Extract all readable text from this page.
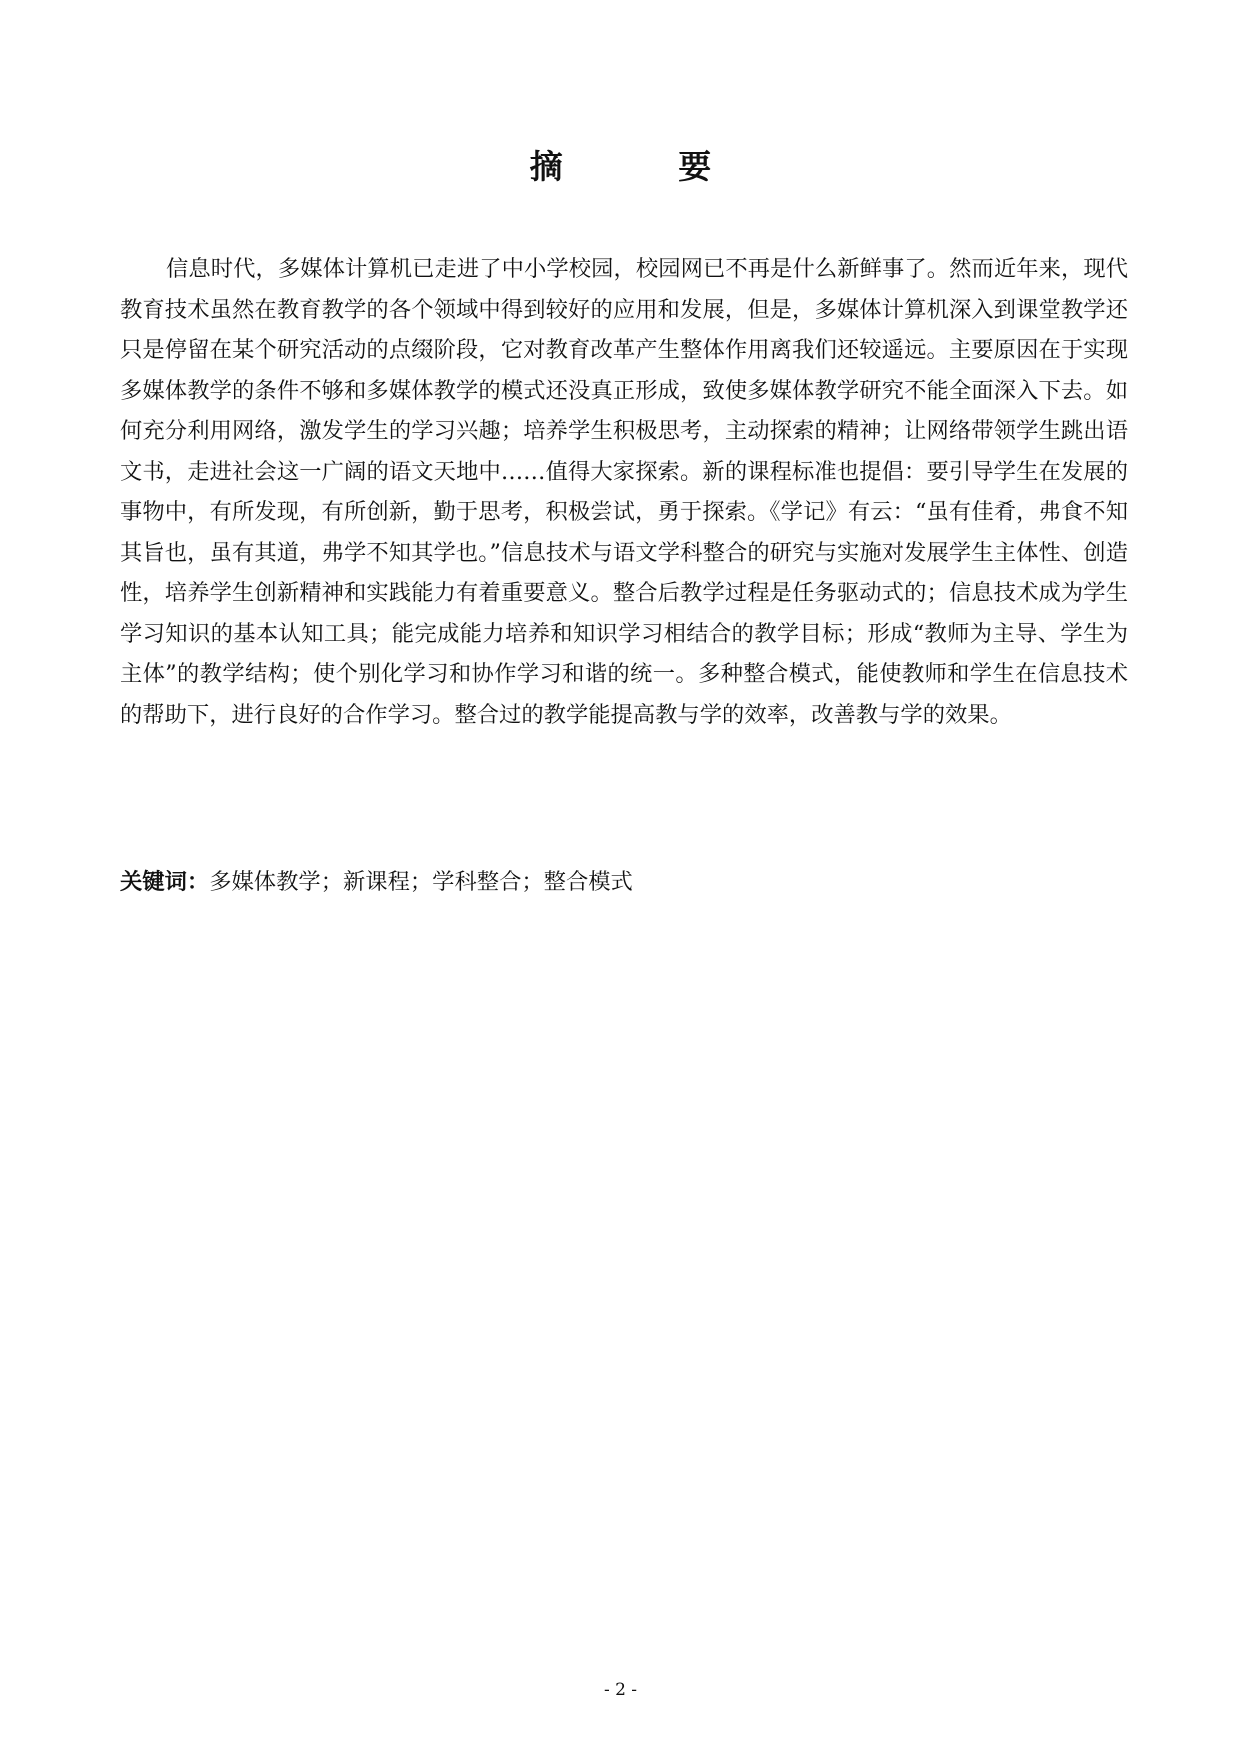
摘 要

信息时代，多媒体计算机已走进了中小学校园，校园网已不再是什么新鲜事了。然而近年来，现代教育技术虽然在教育教学的各个领域中得到较好的应用和发展，但是，多媒体计算机深入到课堂教学还只是停留在某个研究活动的点缀阶段，它对教育改革产生整体作用离我们还较遥远。主要原因在于实现多媒体教学的条件不够和多媒体教学的模式还没真正形成，致使多媒体教学研究不能全面深入下去。如何充分利用网络，激发学生的学习兴趣；培养学生积极思考，主动探索的精神；让网络带领学生跳出语文书，走进社会这一广阔的语文天地中……值得大家探索。新的课程标准也提倡：要引导学生在发展的事物中，有所发现，有所创新，勤于思考，积极尝试，勇于探索。《学记》有云：“虽有佳肴，弗食不知其旨也，虽有其道，弗学不知其学也。”信息技术与语文学科整合的研究与实施对发展学生主体性、创造性，培养学生创新精神和实践能力有着重要意义。整合后教学过程是任务驱动式的；信息技术成为学生学习知识的基本认知工具；能完成能力培养和知识学习相结合的教学目标；形成“教师为主导、学生为主体”的教学结构；使个别化学习和协作学习和谐的统一。多种整合模式，能使教师和学生在信息技术的帮助下，进行良好的合作学习。整合过的教学能提高教与学的效率，改善教与学的效果。

关键词：多媒体教学；新课程；学科整合；整合模式

- 2 -
